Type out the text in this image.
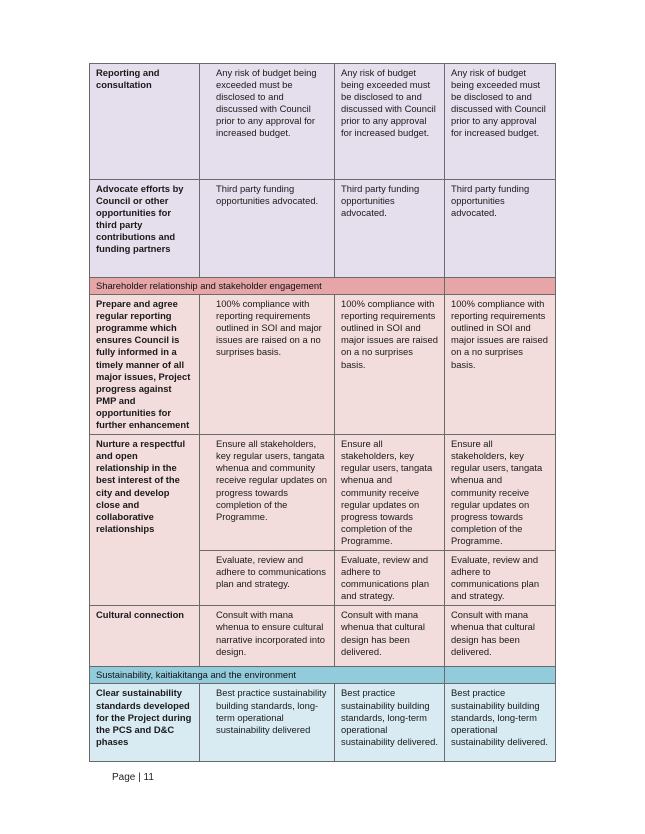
Reporting and consultation	Any risk of budget being exceeded must be disclosed to and discussed with Council prior to any approval for increased budget.	Any risk of budget being exceeded must be disclosed to and discussed with Council prior to any approval for increased budget.	Any risk of budget being exceeded must be disclosed to and discussed with Council prior to any approval for increased budget.
Advocate efforts by Council or other opportunities for third party contributions and funding partners	Third party funding opportunities advocated.	Third party funding opportunities advocated.	Third party funding opportunities advocated.
Shareholder relationship and stakeholder engagement			
Prepare and agree regular reporting programme which ensures Council is fully informed in a timely manner of all major issues, Project progress against PMP and opportunities for further enhancement	100% compliance with reporting requirements outlined in SOI and major issues are raised on a no surprises basis.	100% compliance with reporting requirements outlined in SOI and major issues are raised on a no surprises basis.	100% compliance with reporting requirements outlined in SOI and major issues are raised on a no surprises basis.
Nurture a respectful and open relationship in the best interest of the city and develop close and collaborative relationships	Ensure all stakeholders, key regular users, tangata whenua and community receive regular updates on progress towards completion of the Programme.	Ensure all stakeholders, key regular users, tangata whenua and community receive regular updates on progress towards completion of the Programme.	Ensure all stakeholders, key regular users, tangata whenua and community receive regular updates on progress towards completion of the Programme.
	Evaluate, review and adhere to communications plan and strategy.	Evaluate, review and adhere to communications plan and strategy.	Evaluate, review and adhere to communications plan and strategy.
Cultural connection	Consult with mana whenua to ensure cultural narrative incorporated into design.	Consult with mana whenua that cultural design has been delivered.	Consult with mana whenua that cultural design has been delivered.
Sustainability, kaitiakitanga and the environment			
Clear sustainability standards developed for the Project during the PCS and D&C phases	Best practice sustainability building standards, long-term operational sustainability delivered	Best practice sustainability building standards, long-term operational sustainability delivered.	Best practice sustainability building standards, long-term operational sustainability delivered.
Page | 11
